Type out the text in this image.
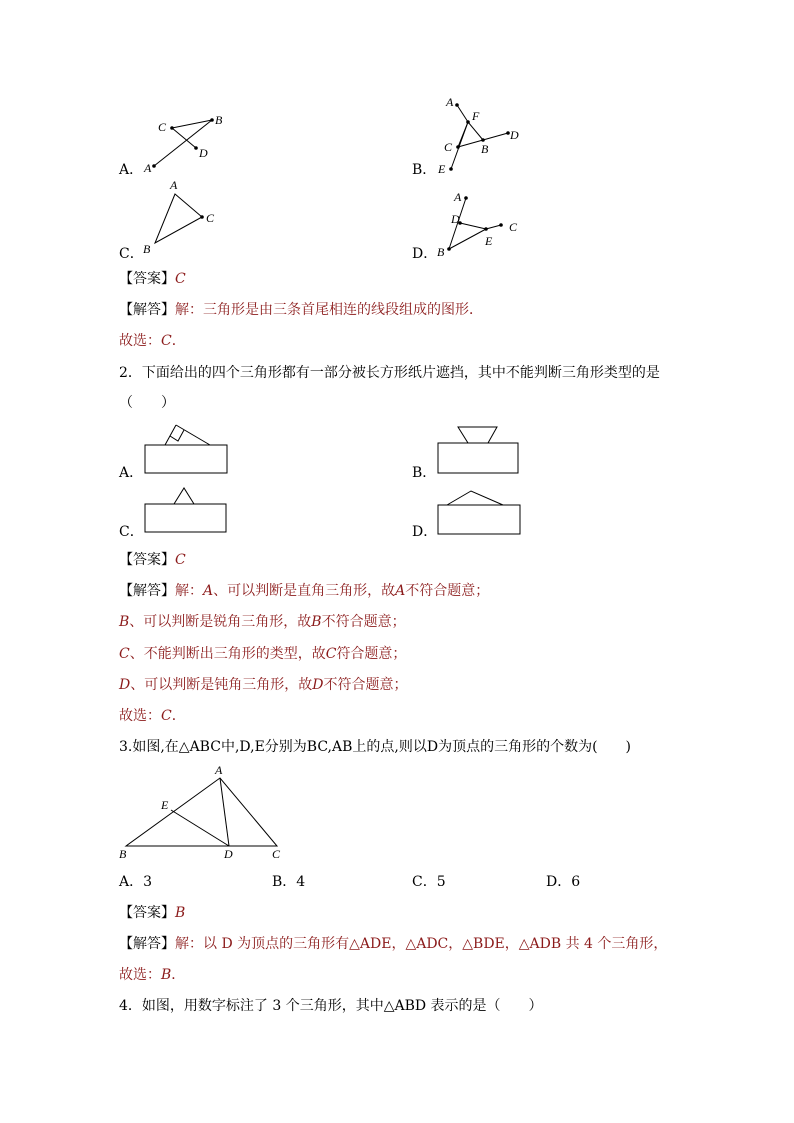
C	B
D
A
A．
A
F
D
C B
E
B．
A
C
B
C．
A
D
C
E
B
D．
【答案】C
【解答】解：三角形是由三条首尾相连的线段组成的图形．
故选：C．
2．下面给出的四个三角形都有一部分被长方形纸片遮挡，其中不能判断三角形类型的是
（　　）
A．	B．
C．	D．
【答案】C
【解答】解：A、可以判断是直角三角形，故A不符合题意；
B、可以判断是锐角三角形，故B不符合题意；
C、不能判断出三角形的类型，故C符合题意；
D、可以判断是钝角三角形，故D不符合题意；
故选：C．
3.如图,在△ABC中,D,E分别为BC,AB上的点,则以D为顶点的三角形的个数为(　　)
A
E
B	D	C
A．3	B．4	C．5	D．6
【答案】B
【解答】解：以 D 为顶点的三角形有△ADE，△ADC，△BDE，△ADB 共 4 个三角形，
故选：B．
4．如图，用数字标注了 3 个三角形，其中△ABD 表示的是（　　）
